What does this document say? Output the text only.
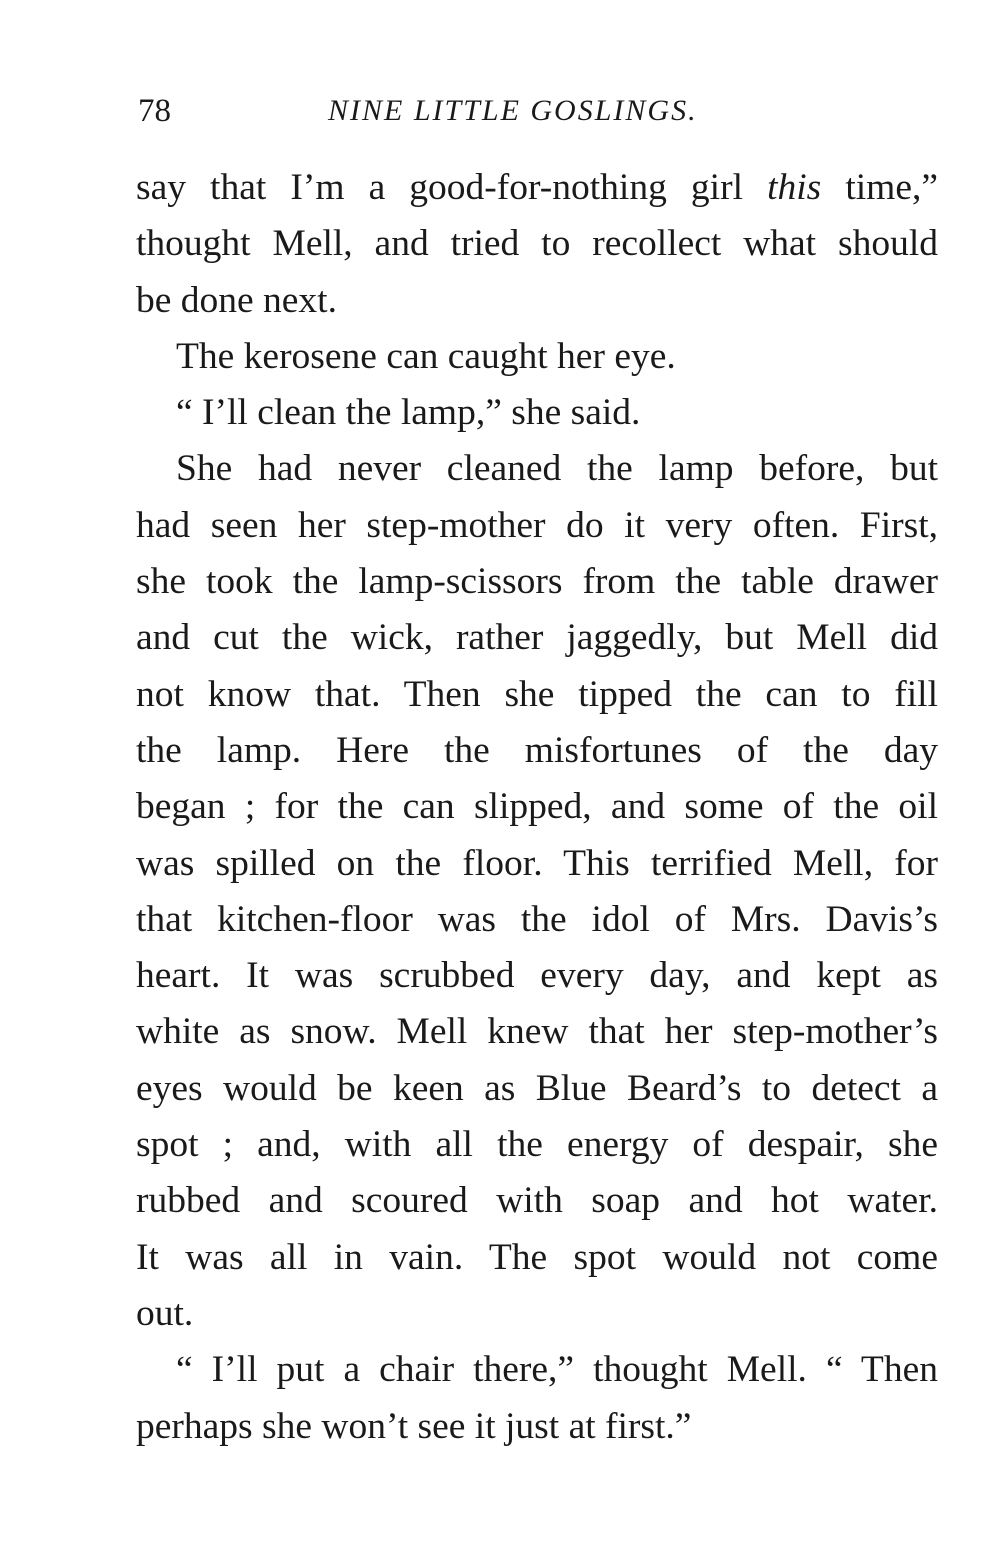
78	NINE LITTLE GOSLINGS.
say that I’m a good-for-nothing girl this time,”
thought Mell, and tried to recollect what should
be done next.
The kerosene can caught her eye.
“ I’ll clean the lamp,” she said.
She had never cleaned the lamp before, but
had seen her step-mother do it very often. First,
she took the lamp-scissors from the table drawer
and cut the wick, rather jaggedly, but Mell did
not know that. Then she tipped the can to fill
the lamp. Here the misfortunes of the day
began ; for the can slipped, and some of the oil
was spilled on the floor. This terrified Mell, for
that kitchen-floor was the idol of Mrs. Davis’s
heart. It was scrubbed every day, and kept as
white as snow. Mell knew that her step-mother’s
eyes would be keen as Blue Beard’s to detect a
spot ; and, with all the energy of despair, she
rubbed and scoured with soap and hot water.
It was all in vain. The spot would not come
out.
“ I’ll put a chair there,” thought Mell. “ Then
perhaps she won’t see it just at first.”
